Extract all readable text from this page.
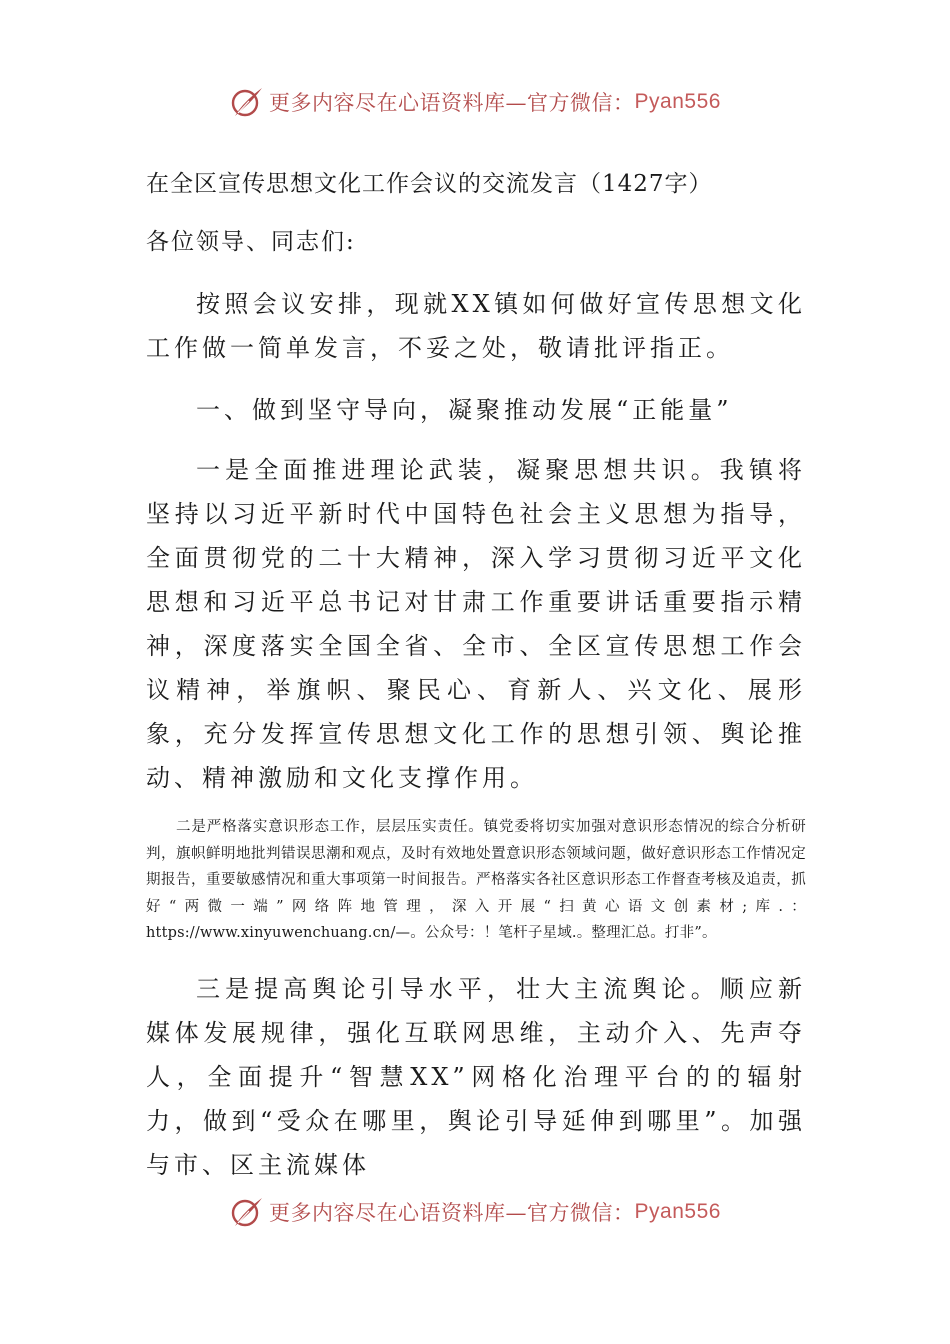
更多内容尽在心语资料库—官方微信： Pyan556

在全区宣传思想文化工作会议的交流发言（1427字）

各位领导、同志们:

按照会议安排，现就XX镇如何做好宣传思想文化工作做一简单发言，不妥之处，敬请批评指正。

一、做到坚守导向，凝聚推动发展“正能量”

一是全面推进理论武装，凝聚思想共识。我镇将坚持以习近平新时代中国特色社会主义思想为指导，全面贯彻党的二十大精神，深入学习贯彻习近平文化思想和习近平总书记对甘肃工作重要讲话重要指示精神，深度落实全国全省、全市、全区宣传思想工作会议精神，举旗帜、聚民心、育新人、兴文化、展形象，充分发挥宣传思想文化工作的思想引领、舆论推动、精神激励和文化支撑作用。

二是严格落实意识形态工作，层层压实责任。镇党委将切实加强对意识形态情况的综合分析研判，旗帜鲜明地批判错误思潮和观点，及时有效地处置意识形态领域问题，做好意识形态工作情况定期报告，重要敏感情况和重大事项第一时间报告。严格落实各社区意识形态工作督查考核及追责，抓好“两微一端”网络阵地管理，深入开展“扫黄心语文创素材;库.：https://www.xinyuwenchuang.cn/—。公众号：！笔杆子星域.。整理汇总。打非”。

三是提高舆论引导水平，壮大主流舆论。顺应新媒体发展规律，强化互联网思维，主动介入、先声夺人，全面提升“智慧XX”网格化治理平台的的辐射力，做到“受众在哪里，舆论引导延伸到哪里”。加强与市、区主流媒体

更多内容尽在心语资料库—官方微信： Pyan556
